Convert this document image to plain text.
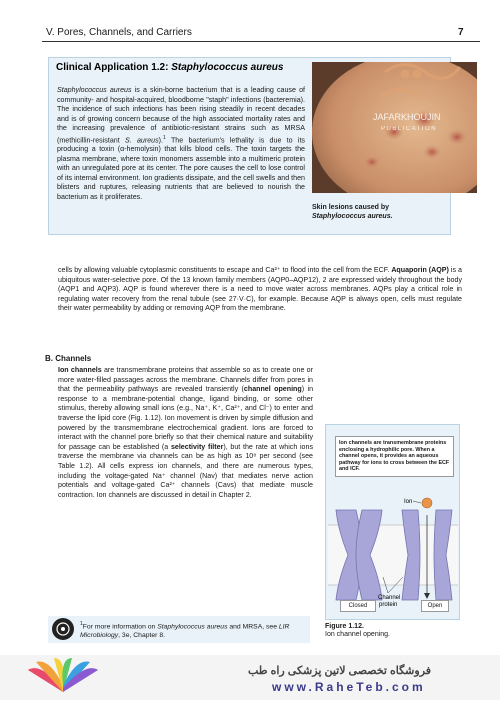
V. Pores, Channels, and Carriers	7
Clinical Application 1.2: Staphylococcus aureus
Staphylococcus aureus is a skin-borne bacterium that is a leading cause of community- and hospital-acquired, bloodborne "staph" infections (bacteremia). The incidence of such infections has been rising steadily in recent decades and is of growing concern because of the high associated mortality rates and the increasing prevalence of antibiotic-resistant strains such as MRSA (methicillin-resistant S. aureus).$^1$ The bacterium's lethality is due to its producing a toxin (α-hemolysin) that kills blood cells. The toxin targets the plasma membrane, where toxin monomers assemble into a multimeric protein with an unregulated pore at its center. The pore causes the cell to lose control of its internal environment. Ion gradients dissipate, and the cell swells and then blisters and ruptures, releasing nutrients that are believed to nourish the bacterium as it proliferates.
Skin lesions caused by Staphylococcus aureus.
JAFARKHOUJIN
PUBLICATION
cells by allowing valuable cytoplasmic constituents to escape and Ca²⁺ to flood into the cell from the ECF. Aquaporin (AQP) is a ubiquitous water-selective pore. Of the 13 known family members (AQP0–AQP12), 2 are expressed widely throughout the body (AQP1 and AQP3). AQP is found wherever there is a need to move water across membranes. AQPs play a critical role in regulating water recovery from the renal tubule (see 27·V·C), for example. Because AQP is always open, cells must regulate their water permeability by adding or removing AQP from the membrane.
B. Channels
Ion channels are transmembrane proteins that assemble so as to create one or more water-filled passages across the membrane. Channels differ from pores in that the permeability pathways are revealed transiently (channel opening) in response to a membrane-potential change, ligand binding, or some other stimulus, thereby allowing small ions (e.g., Na⁺, K⁺, Ca²⁺, and Cl⁻) to enter and traverse the lipid core (Fig. 1.12). Ion movement is driven by simple diffusion and powered by the transmembrane electrochemical gradient. Ions are forced to interact with the channel pore briefly so that their chemical nature and suitability for passage can be established (a selectivity filter), but the rate at which ions traverse the membrane via channels can be as high as 10⁸ per second (see Table 1.2). All cells express ion channels, and there are numerous types, including the voltage-gated Na⁺ channel (Nav) that mediates nerve action potentials and voltage-gated Ca²⁺ channels (Cavs) that mediate muscle contraction. Ion channels are discussed in detail in Chapter 2.
Ion channels are transmembrane proteins enclosing a hydrophilic pore. When a channel opens, it provides an aqueous pathway for ions to cross between the ECF and ICF.
Ion
Channel
protein
Closed	Open
Figure 1.12.
Ion channel opening.
$^1$For more information on Staphylococcus aureus and MRSA, see LIR Microbiology, 3e, Chapter 8.
فروشگاه تخصصی لاتین پزشکی راه طب
www.RaheTeb.com
